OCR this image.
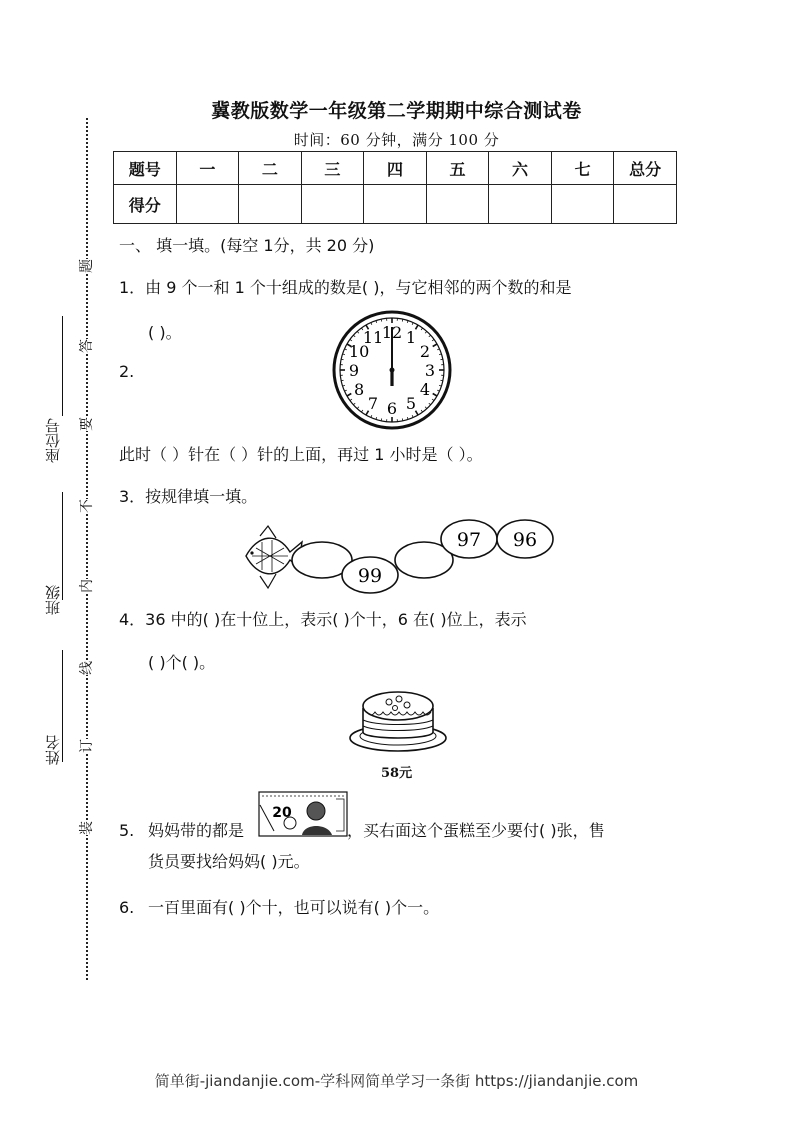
姓名
班级
座位号
装
订
线
内
不
要
答
题
冀教版数学一年级第二学期期中综合测试卷
时间：60 分钟，满分 100 分
题号	一	二	三	四	五	六	七	总分
得分								
一、 填一填。(每空 1分，共 20 分)
1．由 9 个一和 1 个十组成的数是( )，与它相邻的两个数的和是
( )。
2.
12 1
2
3
4
5
6
7
8
9
10
11
此时（ ）针在（ ）针的上面，再过 1 小时是（ ）。
3．按规律填一填。
99
97 96
4．36 中的( )在十位上，表示( )个十，6 在( )位上，表示
( )个( )。
58元
5. 妈妈带的都是
20
，买右面这个蛋糕至少要付( )张，售
货员要找给妈妈( )元。
6. 一百里面有( )个十，也可以说有( )个一。
简单街-jiandanjie.com-学科网简单学习一条街 https://jiandanjie.com
